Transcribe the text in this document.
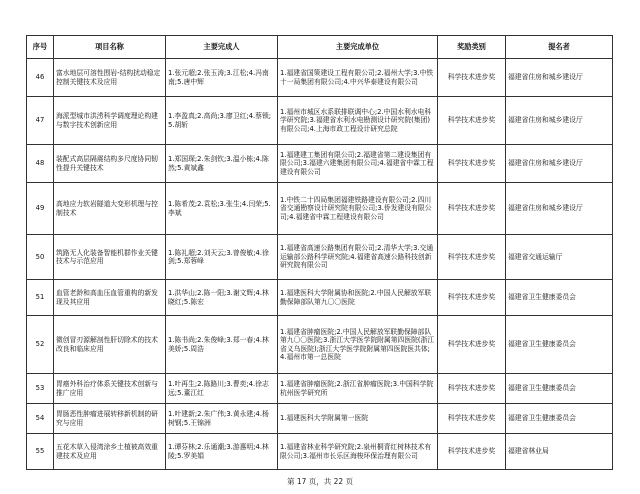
序号	项目名称	主要完成人	主要完成单位	奖励类别	提名者
46	富水地层可溶性围岩-结构扰动稳定控制关键技术及应用	1.张元超;2.张玉涛;3.江松;4.冯南南;5.唐中辉	1.福建省国策建设工程有限公司;2.福州大学;3.中铁十一局集团有限公司;4.中兴华泰建设有限公司	科学技术进步奖	福建省住房和城乡建设厅
47	海派型城市洪涝科学调度理论构建与数字技术创新应用	1.李盈真;2.高尚;3.廖卫红;4.蔡锁;5.胡斩	1.福州市城区水系联排联调中心;2.中国水利水电科学研究院;3.福建省水利水电勘测设计研究院(集团)有限公司;4.上海市政工程设计研究总院	科学技术进步奖	福建省住房和城乡建设厅
48	装配式高层隔震结构多尺度协同韧性提升关键技术	1.郑国琛;2.朱剑钦;3.温小栋;4.陈然;5.黄斌鑫	1.福建建工集团有限公司;2.福建省第二建设集团有限公司;3.福建六建集团有限公司;4.福建省中霖工程建设有限公司	科学技术进步奖	福建省住房和城乡建设厅
49	高地应力软岩隧道大变形机理与控制技术	1.陈希茂;2.袁松;3.张生;4.闫荣;5.李斌	1.中铁二十四局集团福建铁路建设有限公司;2.四川省交通勘察设计研究院有限公司;3.侨发建设有限公司;4.福建省中霖工程建设有限公司	科学技术进步奖	福建省住房和城乡建设厅
50	筑路无人化装备智能机群作业关键技术与示范应用	1.陈礼超;2.刘天云;3.曾俊敏;4.徐剑;5.郑蓉峰	1.福建省高速公路集团有限公司;2.清华大学;3.交通运输部公路科学研究院;4.福建省高速公路科技创新研究院有限公司	科学技术进步奖	福建省交通运输厅
51	血管老龄和高血压血管重构的新发现及其应用	1.洪华山;2.陈一阳;3.谢文辉;4.林晓红;5.陈宏	1.福建医科大学附属协和医院;2.中国人民解放军联勤保障部队第九〇〇医院	科学技术进步奖	福建省卫生健康委员会
52	微创冒刃源解剖性肝切除术的技术改良和临床应用	1.陈书尚;2.朱俊峰;3.郑一春;4.林美娇;5.周浩	1.福建省肿瘤医院;2.中国人民解放军联勤保障部队第九〇〇医院;3.浙江大学医学院附属第四医院(浙江省义乌医院);浙江大学医学院附属第四医院医共体;4.福州市第一总医院	科学技术进步奖	福建省卫生健康委员会
53	胃癌外科治疗体系关键技术创新与推广应用	1.叶再生;2.陈路川;3.曹奕;4.徐志远;5.董江红	1.福建省肿瘤医院;2.浙江省肿瘤医院;3.中国科学院杭州医学研究所	科学技术进步奖	福建省卫生健康委员会
54	胃肠恶性肿瘤进展转移新机制的研究与应用	1.叶建新;2.朱广伟;3.黄永建;4.杨树钢;5.王锦洲	1.福建医科大学附属第一医院	科学技术进步奖	福建省卫生健康委员会
55	五花木草入侵湾涂乡土植被高效重建技术及应用	1.谭芬林;2.乐通潮;3.游惠明;4.林陵;5.罗美娟	1.福建省林业科学研究院;2.泉州桐青红树林技术有限公司;3.福州市长乐区海梭环保治理有限公司	科学技术进步奖	福建省林业局
第 17 页，共 22 页
